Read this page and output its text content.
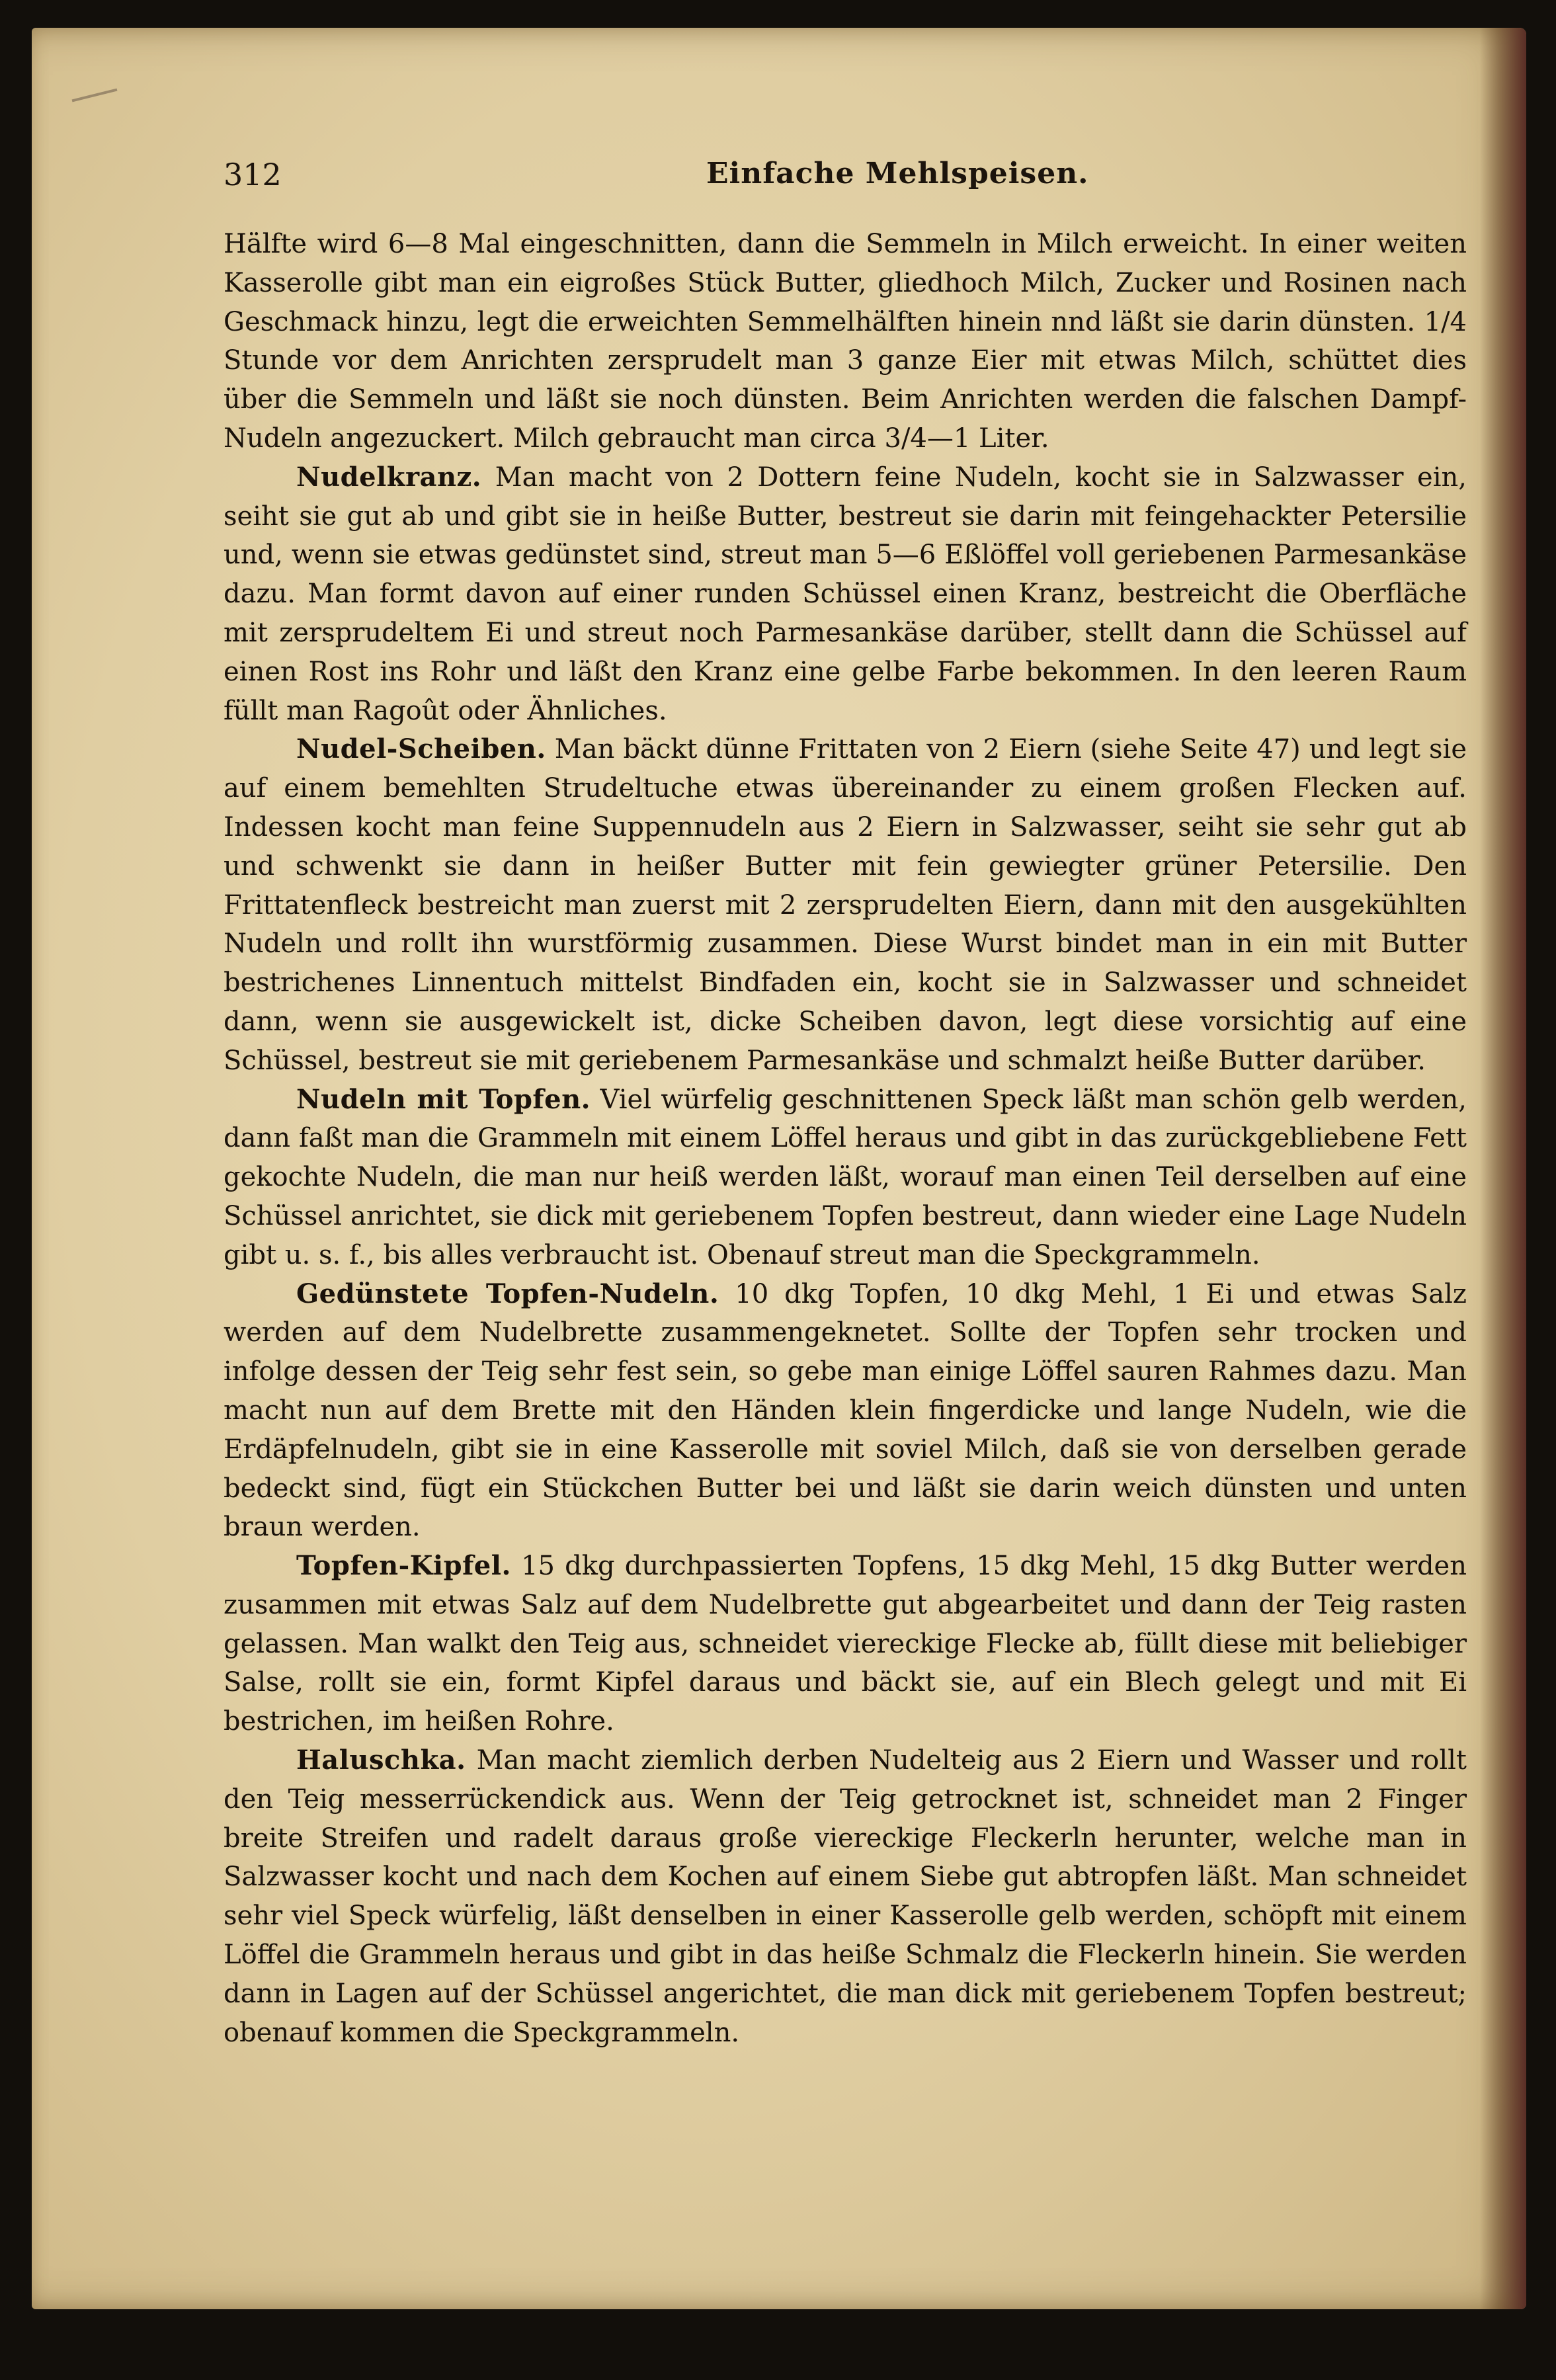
312	Einfache Mehlspeisen.

Hälfte wird 6—8 Mal eingeschnitten, dann die Semmeln in Milch erweicht. In einer weiten Kasserolle gibt man ein eigroßes Stück Butter, gliedhoch Milch, Zucker und Rosinen nach Geschmack hinzu, legt die erweichten Semmelhälften hinein nnd läßt sie darin dünsten. 1/4 Stunde vor dem Anrichten zersprudelt man 3 ganze Eier mit etwas Milch, schüttet dies über die Semmeln und läßt sie noch dünsten. Beim Anrichten werden die falschen Dampf-Nudeln angezuckert. Milch gebraucht man circa 3/4—1 Liter.

Nudelkranz. Man macht von 2 Dottern feine Nudeln, kocht sie in Salzwasser ein, seiht sie gut ab und gibt sie in heiße Butter, bestreut sie darin mit feingehackter Petersilie und, wenn sie etwas gedünstet sind, streut man 5—6 Eßlöffel voll geriebenen Parmesankäse dazu. Man formt davon auf einer runden Schüssel einen Kranz, bestreicht die Oberfläche mit zersprudeltem Ei und streut noch Parmesankäse darüber, stellt dann die Schüssel auf einen Rost ins Rohr und läßt den Kranz eine gelbe Farbe bekommen. In den leeren Raum füllt man Ragoût oder Ähnliches.

Nudel-Scheiben. Man bäckt dünne Frittaten von 2 Eiern (siehe Seite 47) und legt sie auf einem bemehlten Strudeltuche etwas übereinander zu einem großen Flecken auf. Indessen kocht man feine Suppennudeln aus 2 Eiern in Salzwasser, seiht sie sehr gut ab und schwenkt sie dann in heißer Butter mit fein gewiegter grüner Petersilie. Den Frittatenfleck bestreicht man zuerst mit 2 zersprudelten Eiern, dann mit den ausgekühlten Nudeln und rollt ihn wurstförmig zusammen. Diese Wurst bindet man in ein mit Butter bestrichenes Linnentuch mittelst Bindfaden ein, kocht sie in Salzwasser und schneidet dann, wenn sie ausgewickelt ist, dicke Scheiben davon, legt diese vorsichtig auf eine Schüssel, bestreut sie mit geriebenem Parmesankäse und schmalzt heiße Butter darüber.

Nudeln mit Topfen. Viel würfelig geschnittenen Speck läßt man schön gelb werden, dann faßt man die Grammeln mit einem Löffel heraus und gibt in das zurückgebliebene Fett gekochte Nudeln, die man nur heiß werden läßt, worauf man einen Teil derselben auf eine Schüssel anrichtet, sie dick mit geriebenem Topfen bestreut, dann wieder eine Lage Nudeln gibt u. s. f., bis alles verbraucht ist. Obenauf streut man die Speckgrammeln.

Gedünstete Topfen-Nudeln. 10 dkg Topfen, 10 dkg Mehl, 1 Ei und etwas Salz werden auf dem Nudelbrette zusammengeknetet. Sollte der Topfen sehr trocken und infolge dessen der Teig sehr fest sein, so gebe man einige Löffel sauren Rahmes dazu. Man macht nun auf dem Brette mit den Händen klein fingerdicke und lange Nudeln, wie die Erdäpfelnudeln, gibt sie in eine Kasserolle mit soviel Milch, daß sie von derselben gerade bedeckt sind, fügt ein Stückchen Butter bei und läßt sie darin weich dünsten und unten braun werden.

Topfen-Kipfel. 15 dkg durchpassierten Topfens, 15 dkg Mehl, 15 dkg Butter werden zusammen mit etwas Salz auf dem Nudelbrette gut abgearbeitet und dann der Teig rasten gelassen. Man walkt den Teig aus, schneidet viereckige Flecke ab, füllt diese mit beliebiger Salse, rollt sie ein, formt Kipfel daraus und bäckt sie, auf ein Blech gelegt und mit Ei bestrichen, im heißen Rohre.

Haluschka. Man macht ziemlich derben Nudelteig aus 2 Eiern und Wasser und rollt den Teig messerrückendick aus. Wenn der Teig getrocknet ist, schneidet man 2 Finger breite Streifen und radelt daraus große viereckige Fleckerln herunter, welche man in Salzwasser kocht und nach dem Kochen auf einem Siebe gut abtropfen läßt. Man schneidet sehr viel Speck würfelig, läßt denselben in einer Kasserolle gelb werden, schöpft mit einem Löffel die Grammeln heraus und gibt in das heiße Schmalz die Fleckerln hinein. Sie werden dann in Lagen auf der Schüssel angerichtet, die man dick mit geriebenem Topfen bestreut; obenauf kommen die Speckgrammeln.
